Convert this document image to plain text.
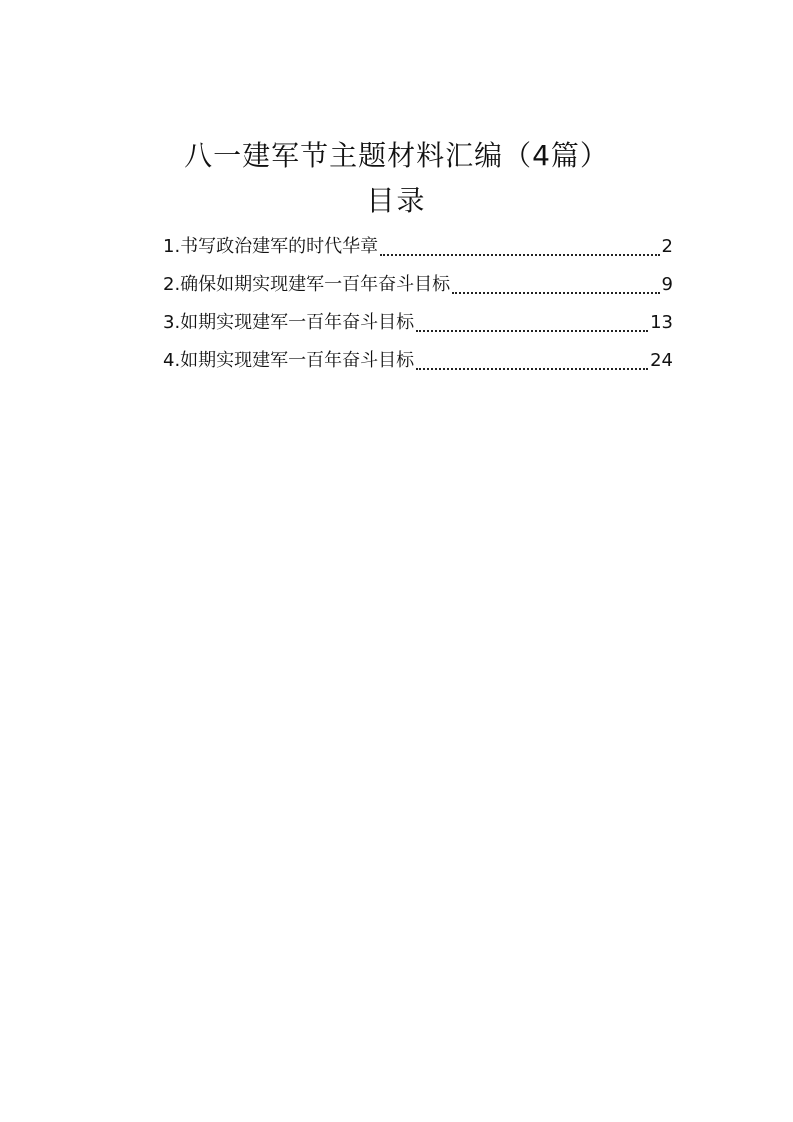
八一建军节主题材料汇编（4篇）
目录
1.书写政治建军的时代华章	2
2.确保如期实现建军一百年奋斗目标	9
3.如期实现建军一百年奋斗目标	13
4.如期实现建军一百年奋斗目标	24
